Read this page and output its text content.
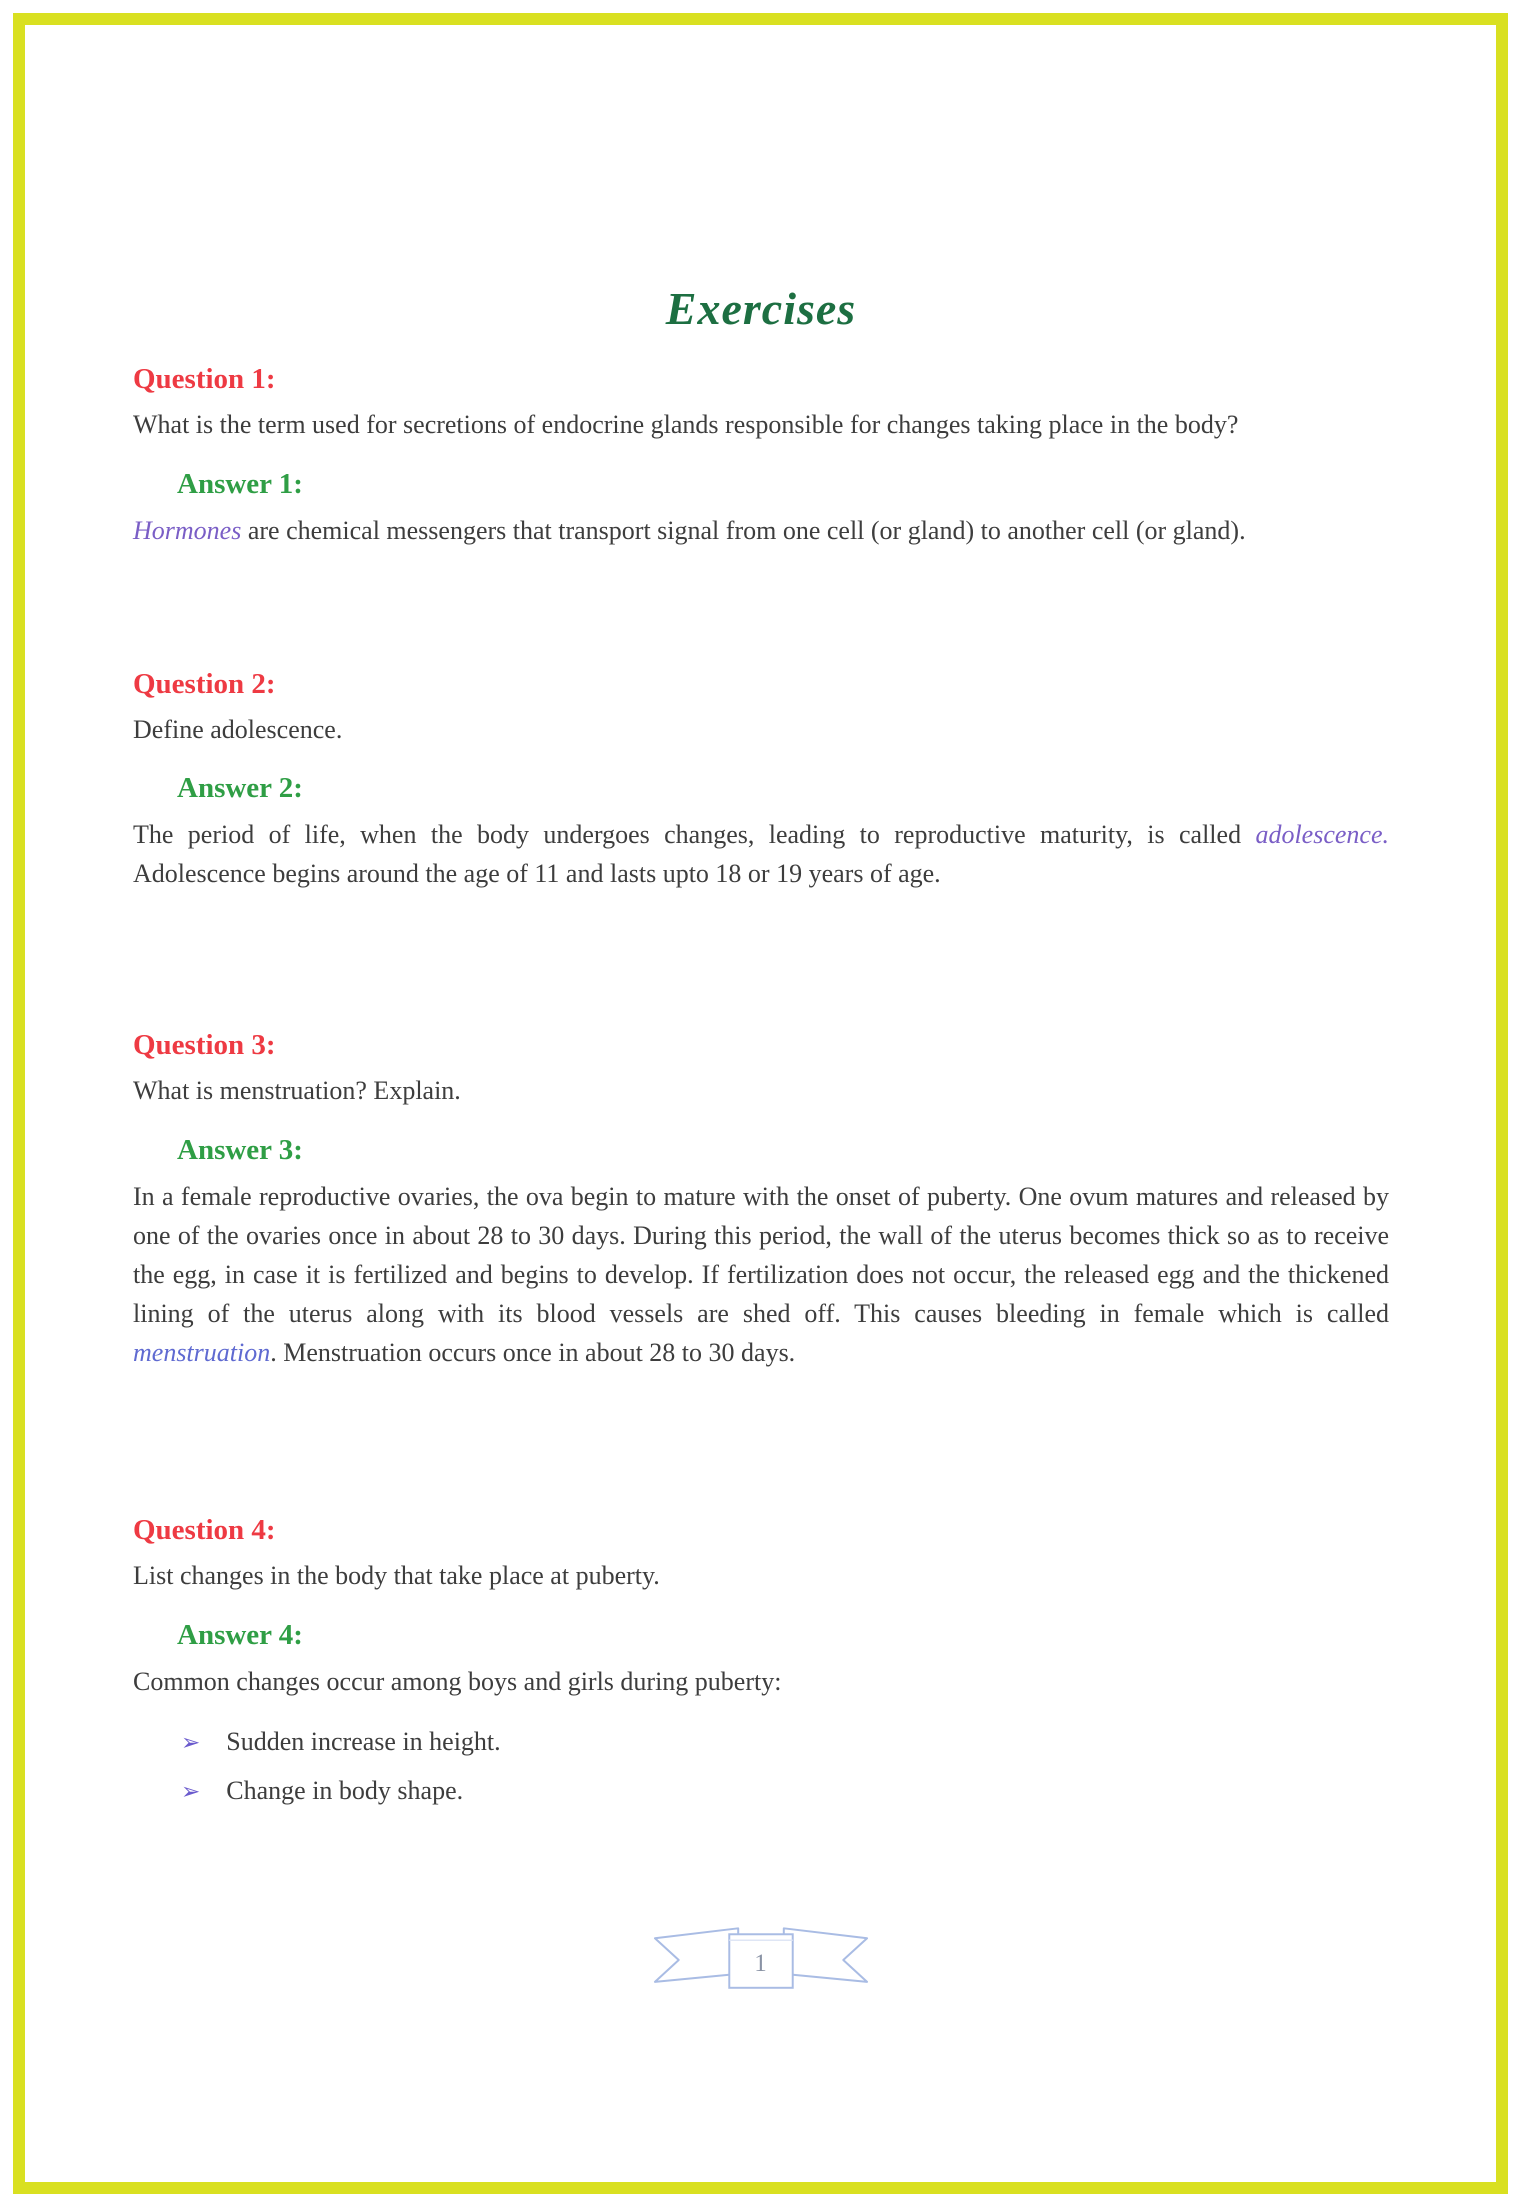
Exercises
Question 1:

What is the term used for secretions of endocrine glands responsible for changes taking place in the body?

Answer 1:

Hormones are chemical messengers that transport signal from one cell (or gland) to another cell (or gland).

Question 2:

Define adolescence.

Answer 2:

The period of life, when the body undergoes changes, leading to reproductive maturity, is called adolescence. Adolescence begins around the age of 11 and lasts upto 18 or 19 years of age.

Question 3:

What is menstruation? Explain.

Answer 3:

In a female reproductive ovaries, the ova begin to mature with the onset of puberty. One ovum matures and released by one of the ovaries once in about 28 to 30 days. During this period, the wall of the uterus becomes thick so as to receive the egg, in case it is fertilized and begins to develop. If fertilization does not occur, the released egg and the thickened lining of the uterus along with its blood vessels are shed off. This causes bleeding in female which is called menstruation. Menstruation occurs once in about 28 to 30 days.

Question 4:

List changes in the body that take place at puberty.

Answer 4:

Common changes occur among boys and girls during puberty:

➢ Sudden increase in height.
➢ Change in body shape.
1
